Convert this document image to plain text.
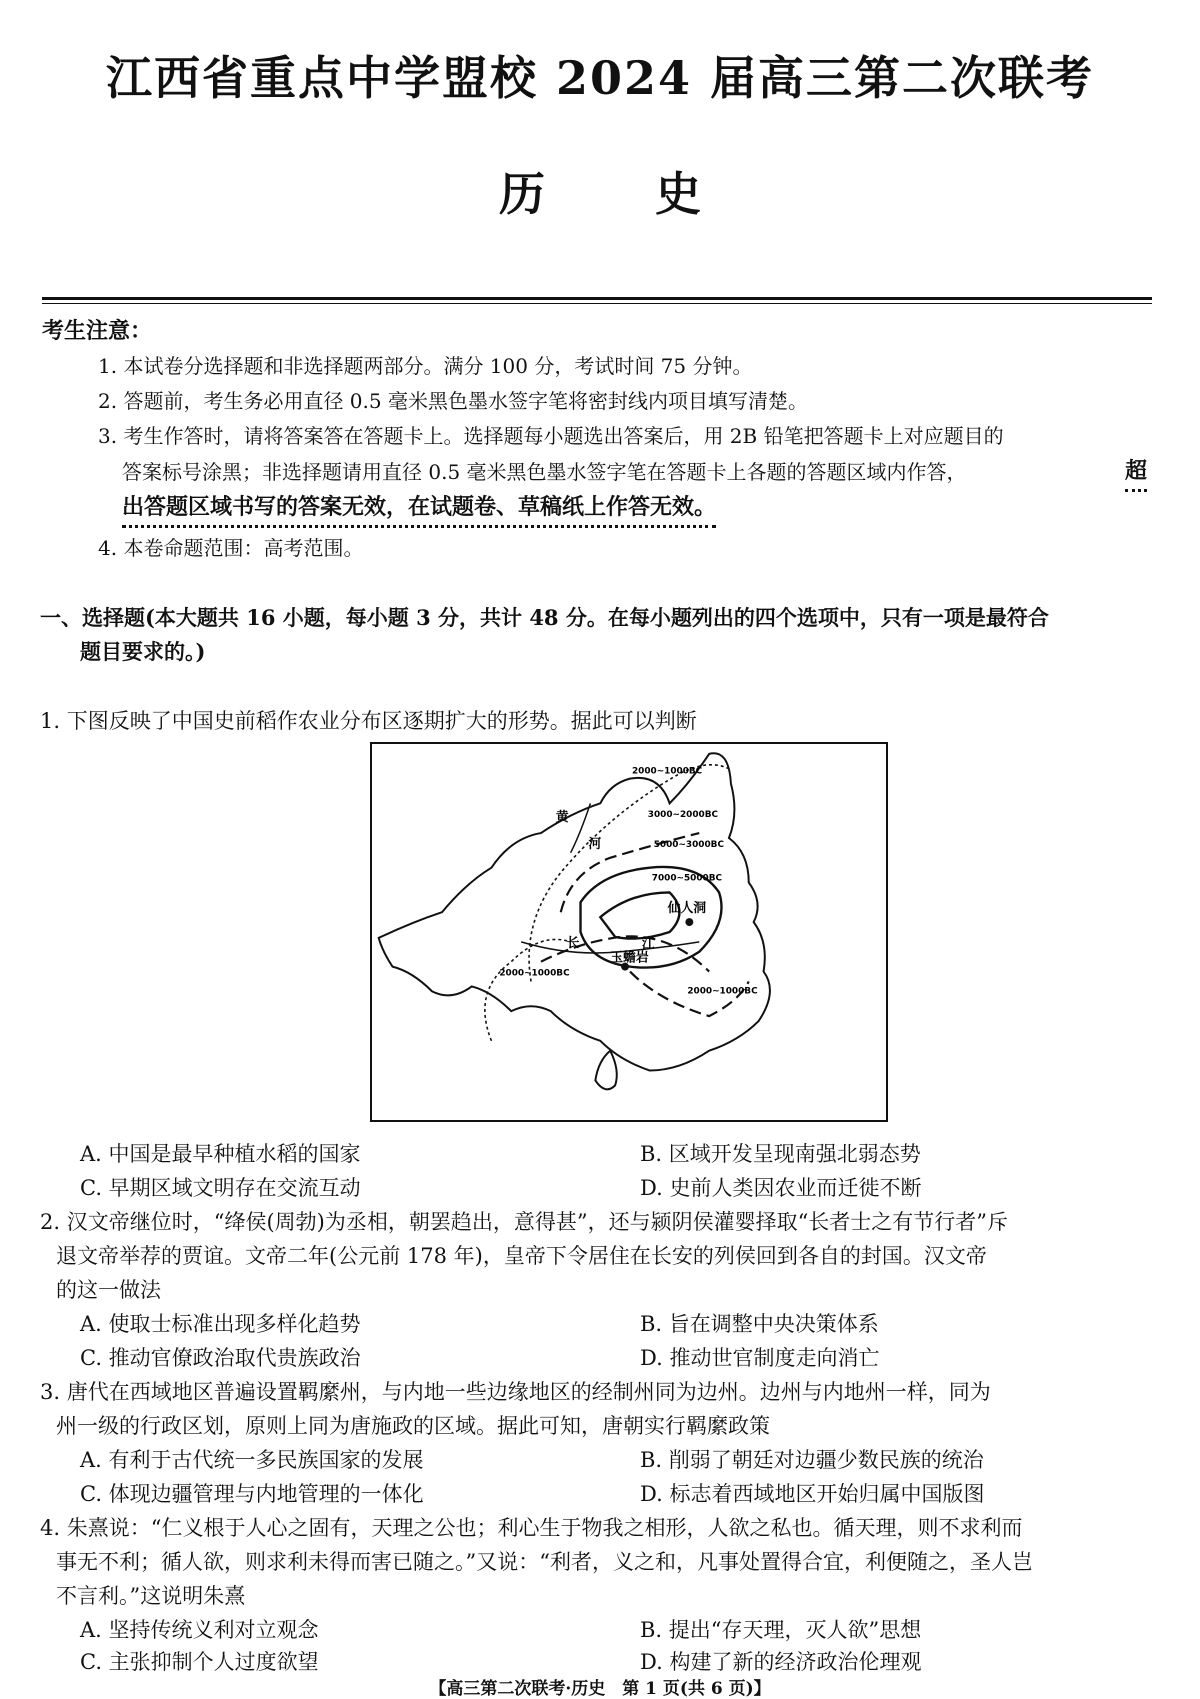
江西省重点中学盟校 2024 届高三第二次联考
历史
考生注意：
1. 本试卷分选择题和非选择题两部分。满分 100 分，考试时间 75 分钟。
2. 答题前，考生务必用直径 0.5 毫米黑色墨水签字笔将密封线内项目填写清楚。
3. 考生作答时，请将答案答在答题卡上。选择题每小题选出答案后，用 2B 铅笔把答题卡上对应题目的
答案标号涂黑；非选择题请用直径 0.5 毫米黑色墨水签字笔在答题卡上各题的答题区域内作答，	超
出答题区域书写的答案无效，在试题卷、草稿纸上作答无效。
4. 本卷命题范围：高考范围。
一、选择题(本大题共 16 小题，每小题 3 分，共计 48 分。在每小题列出的四个选项中，只有一项是最符合
题目要求的。)
1. 下图反映了中国史前稻作农业分布区逐期扩大的形势。据此可以判断
黄
河
长	江
仙人洞
玉蟾岩
2000~1000BC
3000~2000BC
5000~3000BC
7000~5000BC
2000~1000BC
2000~1000BC
A. 中国是最早种植水稻的国家	B. 区域开发呈现南强北弱态势
C. 早期区域文明存在交流互动	D. 史前人类因农业而迁徙不断
2. 汉文帝继位时，“绛侯(周勃)为丞相，朝罢趋出，意得甚”，还与颍阴侯灌婴择取“长者士之有节行者”斥
退文帝举荐的贾谊。文帝二年(公元前 178 年)，皇帝下令居住在长安的列侯回到各自的封国。汉文帝
的这一做法
A. 使取士标准出现多样化趋势	B. 旨在调整中央决策体系
C. 推动官僚政治取代贵族政治	D. 推动世官制度走向消亡
3. 唐代在西域地区普遍设置羁縻州，与内地一些边缘地区的经制州同为边州。边州与内地州一样，同为
州一级的行政区划，原则上同为唐施政的区域。据此可知，唐朝实行羁縻政策
A. 有利于古代统一多民族国家的发展	B. 削弱了朝廷对边疆少数民族的统治
C. 体现边疆管理与内地管理的一体化	D. 标志着西域地区开始归属中国版图
4. 朱熹说：“仁义根于人心之固有，天理之公也；利心生于物我之相形，人欲之私也。循天理，则不求利而
事无不利；循人欲，则求利未得而害已随之。”又说：“利者，义之和，凡事处置得合宜，利便随之，圣人岂
不言利。”这说明朱熹
A. 坚持传统义利对立观念	B. 提出“存天理，灭人欲”思想
C. 主张抑制个人过度欲望	D. 构建了新的经济政治伦理观
【高三第二次联考·历史　第 1 页(共 6 页)】
